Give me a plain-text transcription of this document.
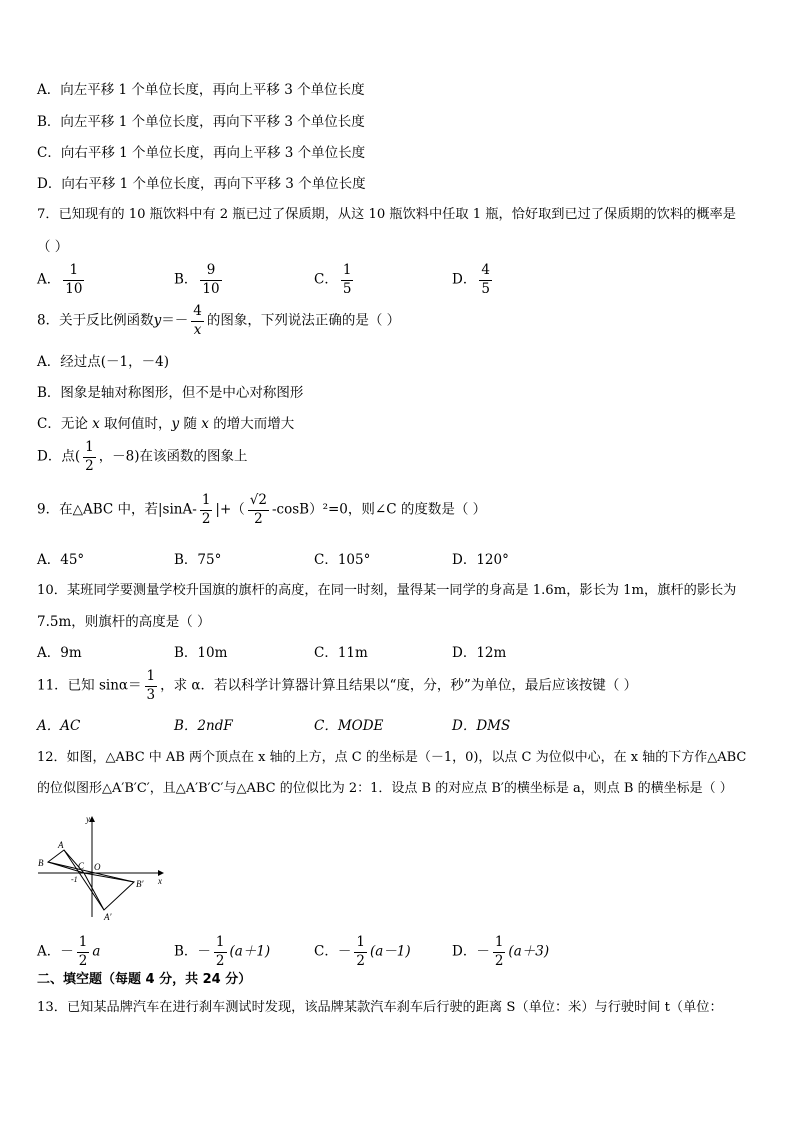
A．向左平移 1 个单位长度，再向上平移 3 个单位长度
B．向左平移 1 个单位长度，再向下平移 3 个单位长度
C．向右平移 1 个单位长度，再向上平移 3 个单位长度
D．向右平移 1 个单位长度，再向下平移 3 个单位长度
7．已知现有的 10 瓶饮料中有 2 瓶已过了保质期，从这 10 瓶饮料中任取 1 瓶，恰好取到已过了保质期的饮料的概率是
（ ）
A． $\frac{1}{10}$	B． $\frac{9}{10}$	C． $\frac{1}{5}$	D． $\frac{4}{5}$
8．关于反比例函数$y=- \frac{4}{x}$ 的图象，下列说法正确的是（ ）
A．经过点(－1，－4)
B．图象是轴对称图形，但不是中心对称图形
C．无论 x 取何值时，y 随 x 的增大而增大
D．点( $\frac{1}{2}$ ，－8)在该函数的图象上
9．在△ABC 中，若$|\sin A- \frac{1}{2}$ |+（ $\frac{√2}{2} -\cos B)^2=0$，则∠C 的度数是（ ）
A．45°	B．75°	C．105°	D．120°
10．某班同学要测量学校升国旗的旗杆的高度，在同一时刻，量得某一同学的身高是 1.6m，影长为 1m，旗杆的影长为
7.5m，则旗杆的高度是（ ）
A．9m	B．10m	C．11m	D．12m
11．已知 $\sin\alpha= \frac{1}{3}$ ，求 α．若以科学计算器计算且结果以“度，分，秒”为单位，最后应该按键（ ）
A．AC	B．2ndF	C．MODE	D．DMS
12．如图，△ABC 中 AB 两个顶点在 x 轴的上方，点 C 的坐标是（－1，0)，以点 C 为位似中心，在 x 轴的下方作△ABC
的位似图形△A′B′C′，且△A′B′C′与△ABC 的位似比为 2：1．设点 B 的对应点 B′的横坐标是 a，则点 B 的横坐标是（ ）
y
x
A
B	C O
-1
A′
B′
A．－ $\frac{1}{2}$ a	B．－ $\frac{1}{2} (a+1)$	C．－ $\frac{1}{2} (a-1)$	D．－ $\frac{1}{2} (a+3)$
二、填空题（每题 4 分，共 24 分）
13．已知某品牌汽车在进行刹车测试时发现，该品牌某款汽车刹车后行驶的距离 S（单位：米）与行驶时间 t（单位：
